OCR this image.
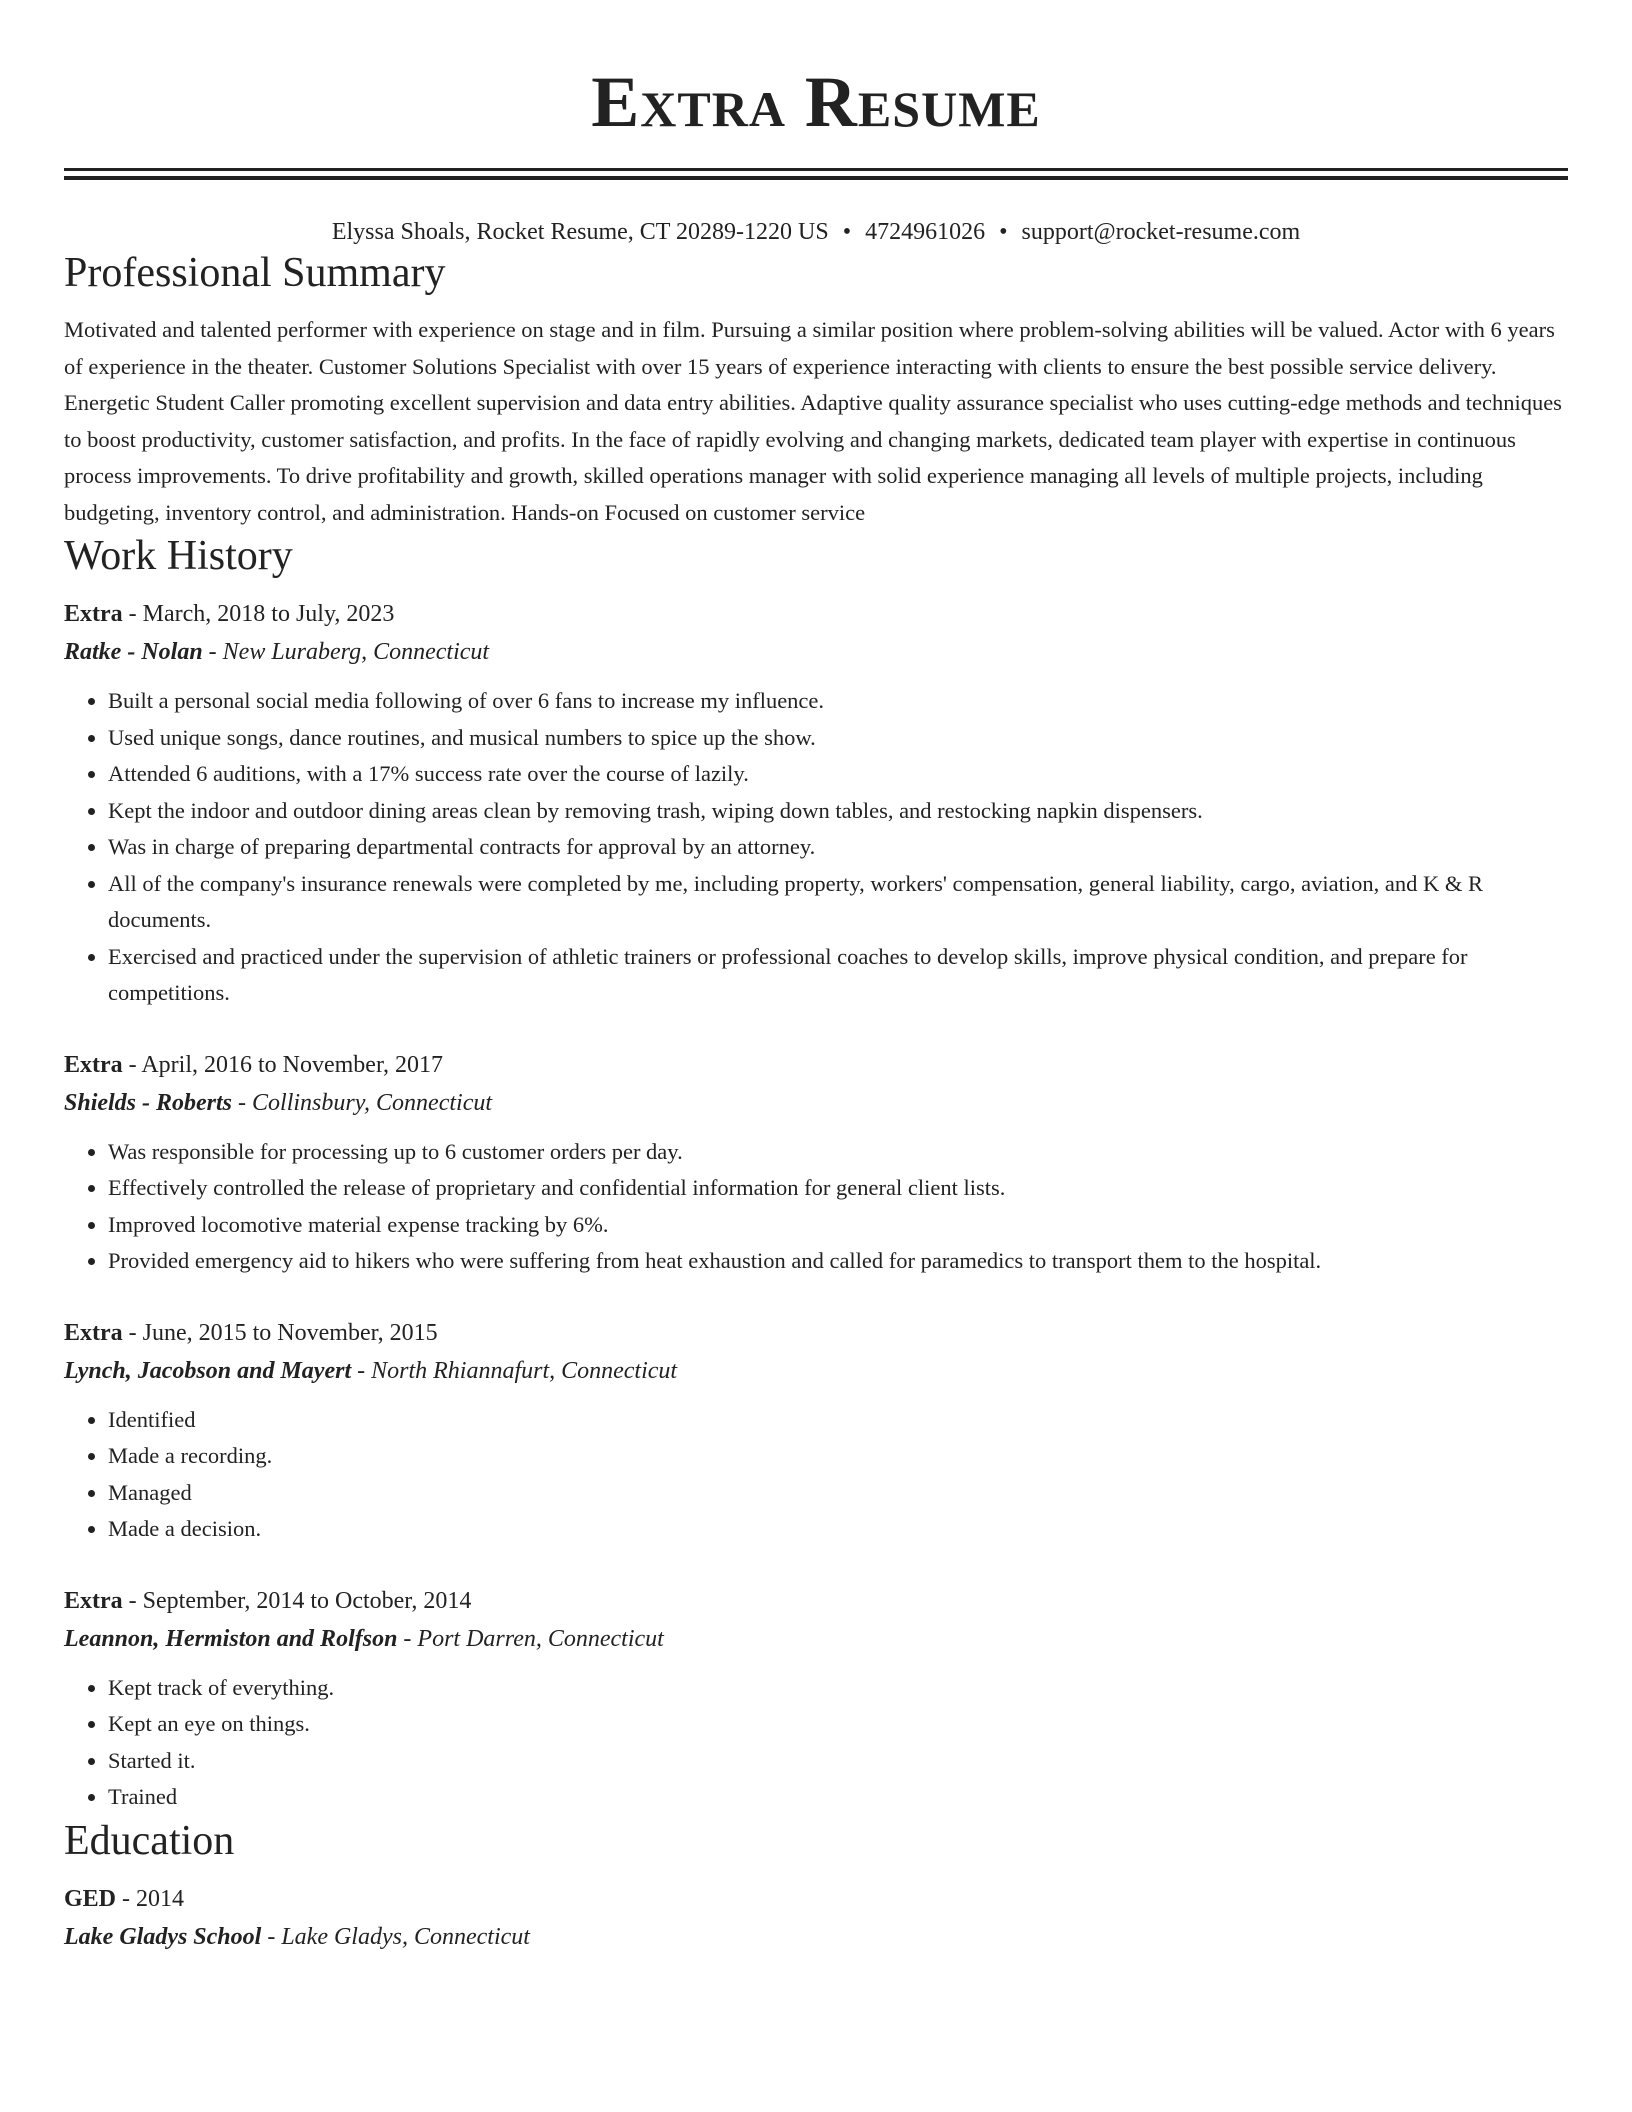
Extra Resume
Elyssa Shoals, Rocket Resume, CT 20289-1220 US • 4724961026 • support@rocket-resume.com
Professional Summary

Motivated and talented performer with experience on stage and in film. Pursuing a similar position where problem-solving abilities will be valued. Actor with 6 years of experience in the theater. Customer Solutions Specialist with over 15 years of experience interacting with clients to ensure the best possible service delivery. Energetic Student Caller promoting excellent supervision and data entry abilities. Adaptive quality assurance specialist who uses cutting-edge methods and techniques to boost productivity, customer satisfaction, and profits. In the face of rapidly evolving and changing markets, dedicated team player with expertise in continuous process improvements. To drive profitability and growth, skilled operations manager with solid experience managing all levels of multiple projects, including budgeting, inventory control, and administration. Hands-on Focused on customer service

Work History
Extra - March, 2018 to July, 2023
Ratke - Nolan - New Luraberg, Connecticut
• Built a personal social media following of over 6 fans to increase my influence.
• Used unique songs, dance routines, and musical numbers to spice up the show.
• Attended 6 auditions, with a 17% success rate over the course of lazily.
• Kept the indoor and outdoor dining areas clean by removing trash, wiping down tables, and restocking napkin dispensers.
• Was in charge of preparing departmental contracts for approval by an attorney.
• All of the company's insurance renewals were completed by me, including property, workers' compensation, general liability, cargo, aviation, and K & R documents.
• Exercised and practiced under the supervision of athletic trainers or professional coaches to develop skills, improve physical condition, and prepare for competitions.
Extra - April, 2016 to November, 2017
Shields - Roberts - Collinsbury, Connecticut
• Was responsible for processing up to 6 customer orders per day.
• Effectively controlled the release of proprietary and confidential information for general client lists.
• Improved locomotive material expense tracking by 6%.
• Provided emergency aid to hikers who were suffering from heat exhaustion and called for paramedics to transport them to the hospital.
Extra - June, 2015 to November, 2015
Lynch, Jacobson and Mayert - North Rhiannafurt, Connecticut
• Identified
• Made a recording.
• Managed
• Made a decision.
Extra - September, 2014 to October, 2014
Leannon, Hermiston and Rolfson - Port Darren, Connecticut
• Kept track of everything.
• Kept an eye on things.
• Started it.
• Trained
Education
GED - 2014
Lake Gladys School - Lake Gladys, Connecticut
